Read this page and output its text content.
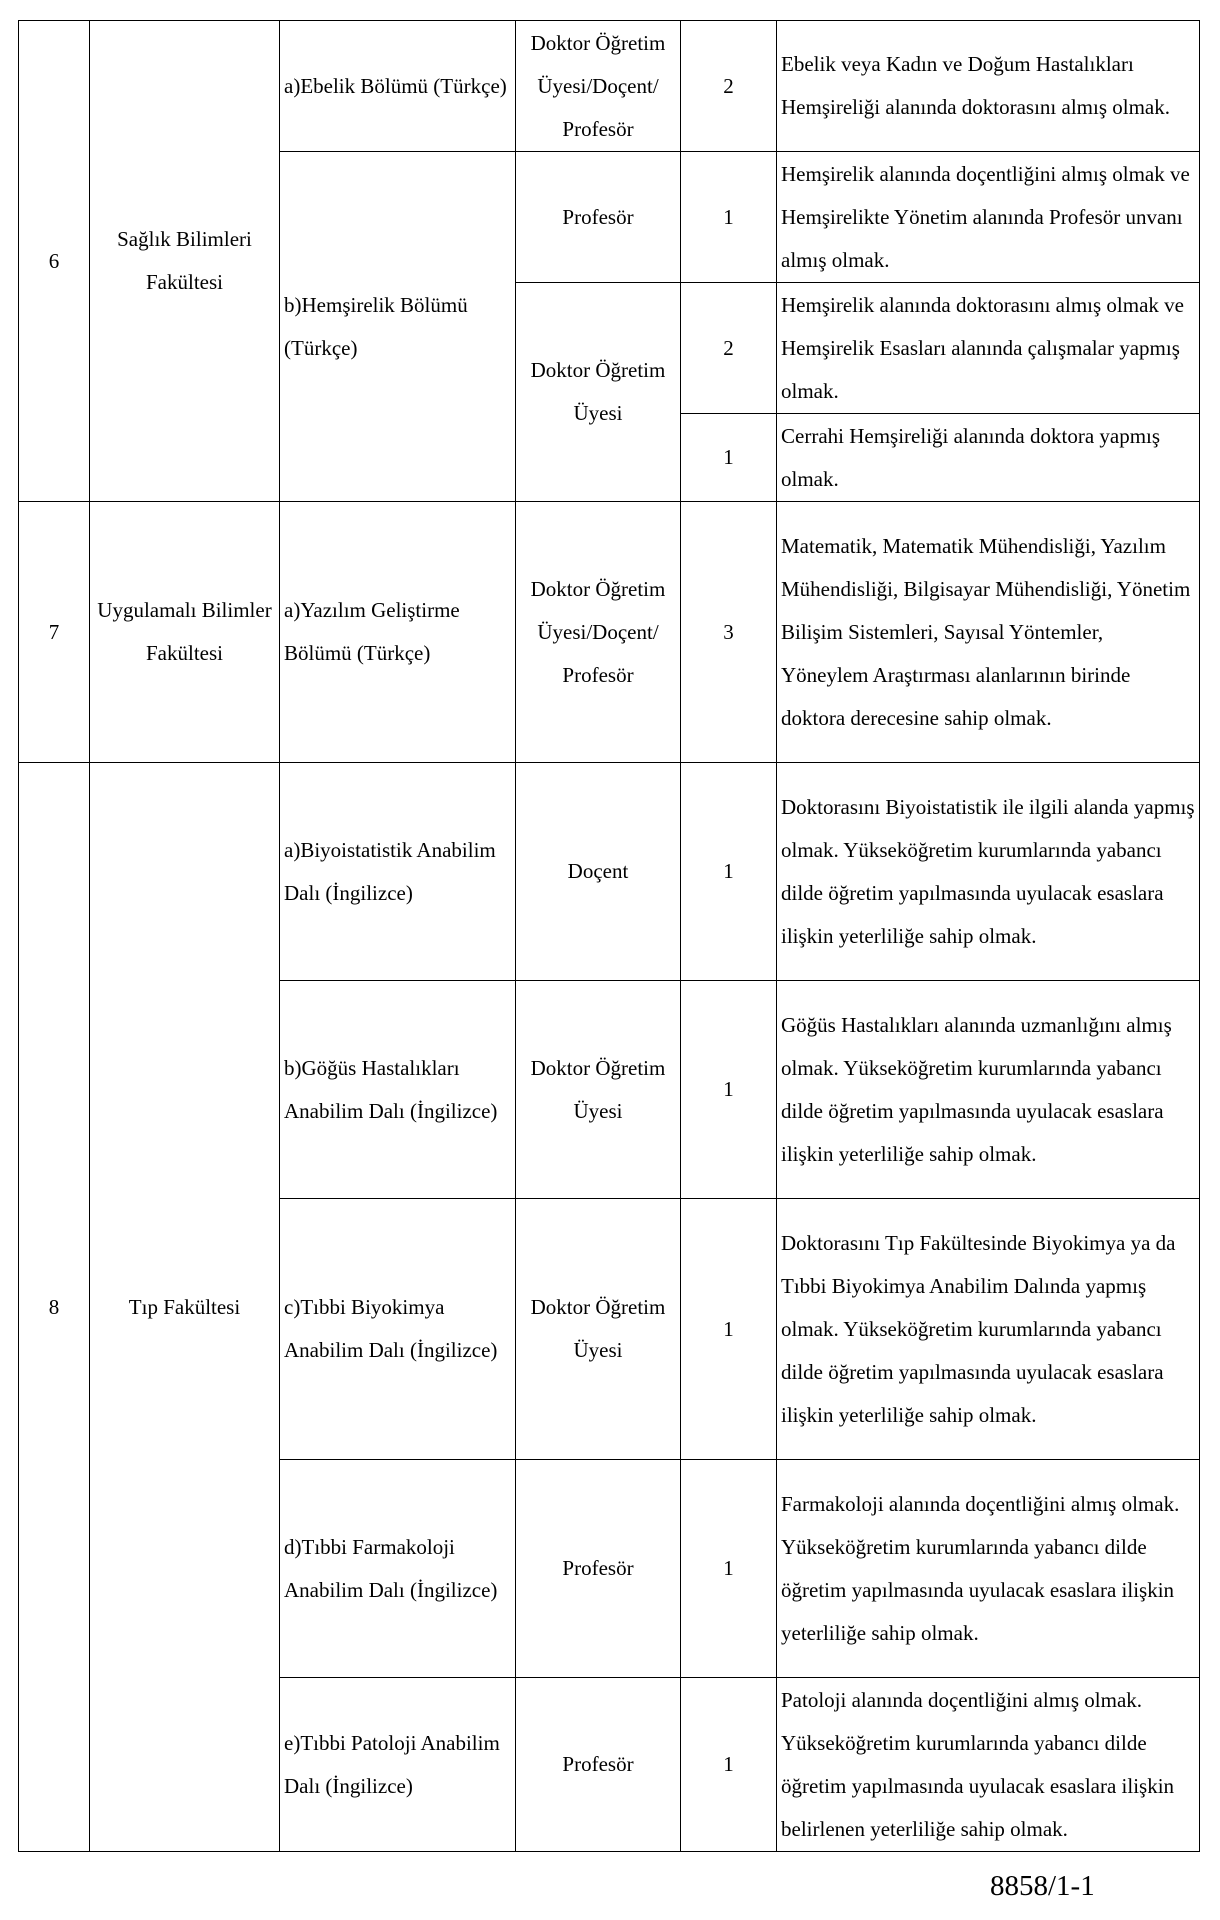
6	Sağlık Bilimleri Fakültesi	a)Ebelik Bölümü (Türkçe)	Doktor Öğretim Üyesi/Doçent/ Profesör	2	Ebelik veya Kadın ve Doğum Hastalıkları Hemşireliği alanında doktorasını almış olmak.
		b)Hemşirelik Bölümü (Türkçe)	Profesör	1	Hemşirelik alanında doçentliğini almış olmak ve Hemşirelikte Yönetim alanında Profesör unvanı almış olmak.
			Doktor Öğretim Üyesi	2	Hemşirelik alanında doktorasını almış olmak ve Hemşirelik Esasları alanında çalışmalar yapmış olmak.
				1	Cerrahi Hemşireliği alanında doktora yapmış olmak.
7	Uygulamalı Bilimler Fakültesi	a)Yazılım Geliştirme Bölümü (Türkçe)	Doktor Öğretim Üyesi/Doçent/ Profesör	3	Matematik, Matematik Mühendisliği, Yazılım Mühendisliği, Bilgisayar Mühendisliği, Yönetim Bilişim Sistemleri, Sayısal Yöntemler, Yöneylem Araştırması alanlarının birinde doktora derecesine sahip olmak.
8	Tıp Fakültesi	a)Biyoistatistik Anabilim Dalı (İngilizce)	Doçent	1	Doktorasını Biyoistatistik ile ilgili alanda yapmış olmak. Yükseköğretim kurumlarında yabancı dilde öğretim yapılmasında uyulacak esaslara ilişkin yeterliliğe sahip olmak.
		b)Göğüs Hastalıkları Anabilim Dalı (İngilizce)	Doktor Öğretim Üyesi	1	Göğüs Hastalıkları alanında uzmanlığını almış olmak. Yükseköğretim kurumlarında yabancı dilde öğretim yapılmasında uyulacak esaslara ilişkin yeterliliğe sahip olmak.
		c)Tıbbi Biyokimya Anabilim Dalı (İngilizce)	Doktor Öğretim Üyesi	1	Doktorasını Tıp Fakültesinde Biyokimya ya da Tıbbi Biyokimya Anabilim Dalında yapmış olmak. Yükseköğretim kurumlarında yabancı dilde öğretim yapılmasında uyulacak esaslara ilişkin yeterliliğe sahip olmak.
		d)Tıbbi Farmakoloji Anabilim Dalı (İngilizce)	Profesör	1	Farmakoloji alanında doçentliğini almış olmak. Yükseköğretim kurumlarında yabancı dilde öğretim yapılmasında uyulacak esaslara ilişkin yeterliliğe sahip olmak.
		e)Tıbbi Patoloji Anabilim Dalı (İngilizce)	Profesör	1	Patoloji alanında doçentliğini almış olmak. Yükseköğretim kurumlarında yabancı dilde öğretim yapılmasında uyulacak esaslara ilişkin belirlenen yeterliliğe sahip olmak.
8858/1-1
